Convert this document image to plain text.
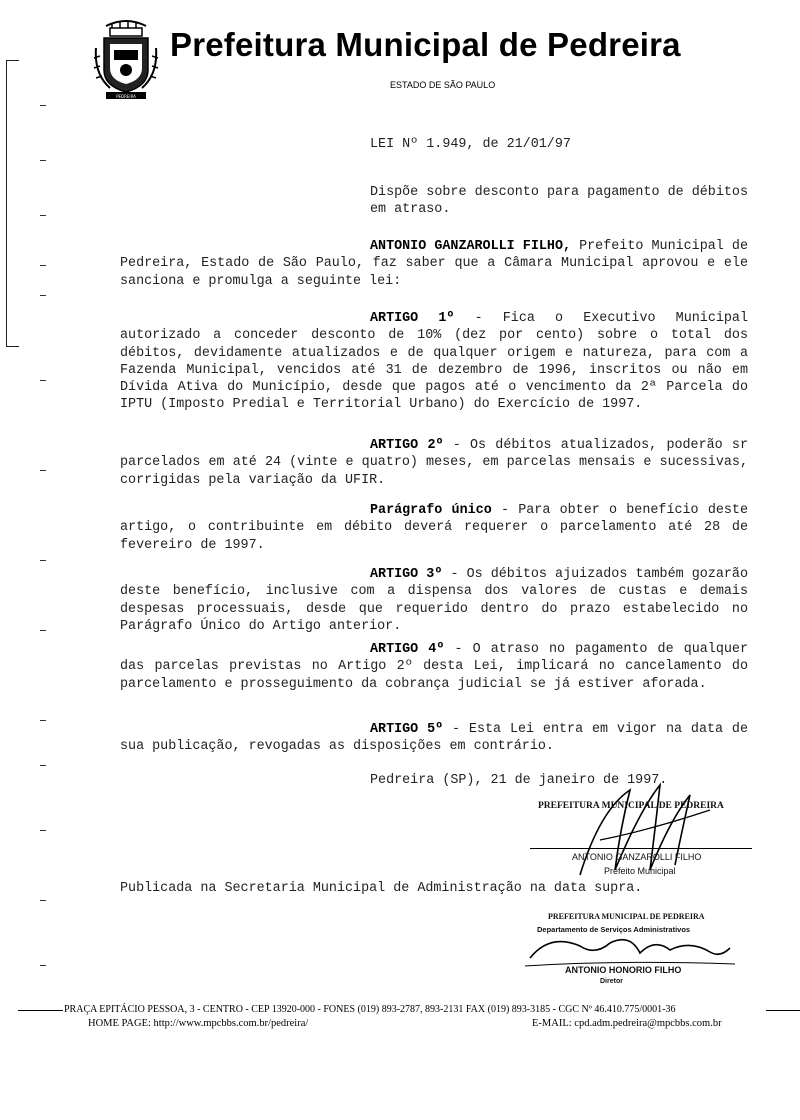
PEDREIRA
Prefeitura Municipal de Pedreira
ESTADO DE SÃO PAULO
LEI Nº 1.949, de 21/01/97
Dispõe sobre desconto para pagamento de débitos em atraso.
ANTONIO GANZAROLLI FILHO, Prefeito Municipal de Pedreira, Estado de São Paulo, faz saber que a Câmara Municipal aprovou e ele sanciona e promulga a seguinte lei:
ARTIGO 1º - Fica o Executivo Municipal autorizado a conceder desconto de 10% (dez por cento) sobre o total dos débitos, devidamente atualizados e de qualquer origem e natureza, para com a Fazenda Municipal, vencidos até 31 de dezembro de 1996, inscritos ou não em Dívida Ativa do Município, desde que pagos até o vencimento da 2ª Parcela do IPTU (Imposto Predial e Territorial Urbano) do Exercício de 1997.
ARTIGO 2º - Os débitos atualizados, poderão sr parcelados em até 24 (vinte e quatro) meses, em parcelas mensais e sucessivas, corrigidas pela variação da UFIR.
Parágrafo único - Para obter o benefício deste artigo, o contribuinte em débito deverá requerer o parcelamento até 28 de fevereiro de 1997.
ARTIGO 3º - Os débitos ajuizados também gozarão deste benefício, inclusive com a dispensa dos valores de custas e demais despesas processuais, desde que requerido dentro do prazo estabelecido no Parágrafo Único do Artigo anterior.
ARTIGO 4º - O atraso no pagamento de qualquer das parcelas previstas no Artigo 2º desta Lei, implicará no cancelamento do parcelamento e prosseguimento da cobrança judicial se já estiver aforada.
ARTIGO 5º - Esta Lei entra em vigor na data de sua publicação, revogadas as disposições em contrário.
Pedreira (SP), 21 de janeiro de 1997.
PREFEITURA MUNICIPAL DE PEDREIRA
ANTONIO GANZAROLLI FILHO
Prefeito Municipal
Publicada na Secretaria Municipal de Administração na data supra.
PREFEITURA MUNICIPAL DE PEDREIRA
Departamento de Serviços Administrativos
ANTONIO HONORIO FILHO
Diretor
PRAÇA EPITÁCIO PESSOA, 3 - CENTRO - CEP 13920-000 - FONES (019) 893-2787, 893-2131 FAX (019) 893-3185 - CGC Nº 46.410.775/0001-36
HOME PAGE: http://www.mpcbbs.com.br/pedreira/	E-MAIL: cpd.adm.pedreira@mpcbbs.com.br
